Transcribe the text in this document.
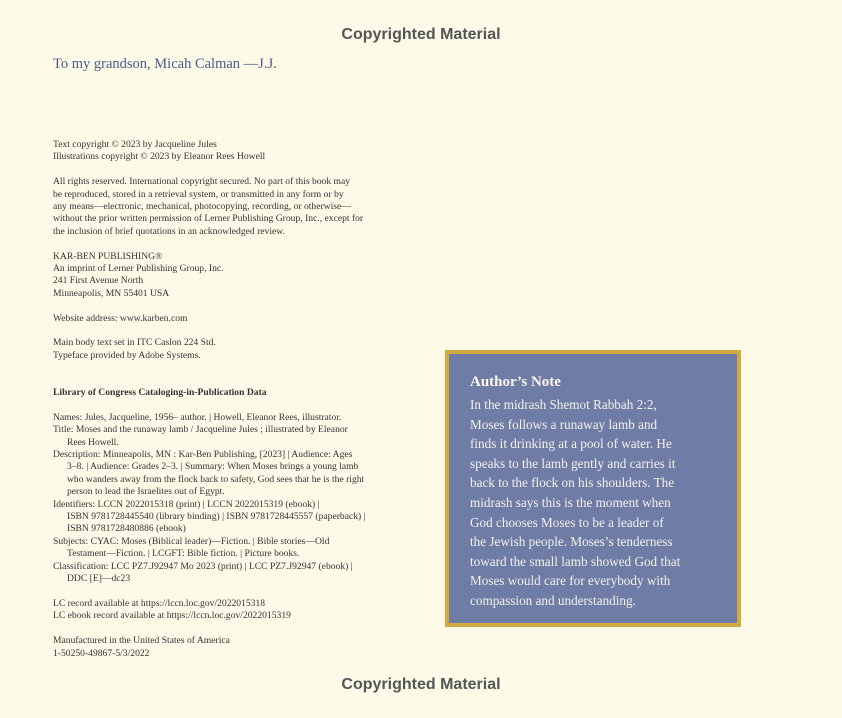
Copyrighted Material
To my grandson, Micah Calman —J.J.

Text copyright © 2023 by Jacqueline Jules

Illustrations copyright © 2023 by Eleanor Rees Howell

All rights reserved. International copyright secured. No part of this book may

be reproduced, stored in a retrieval system, or transmitted in any form or by

any means—electronic, mechanical, photocopying, recording, or otherwise—

without the prior written permission of Lerner Publishing Group, Inc., except for

the inclusion of brief quotations in an acknowledged review.

KAR-BEN PUBLISHING®

An imprint of Lerner Publishing Group, Inc.

241 First Avenue North

Minneapolis, MN 55401 USA

Website address: www.karben.com

Main body text set in ITC Caslon 224 Std.

Typeface provided by Adobe Systems.

Library of Congress Cataloging-in-Publication Data

Names: Jules, Jacqueline, 1956– author. | Howell, Eleanor Rees, illustrator.

Title: Moses and the runaway lamb / Jacqueline Jules ; illustrated by Eleanor

Rees Howell.

Description: Minneapolis, MN : Kar-Ben Publishing, [2023] | Audience: Ages

3–8. | Audience: Grades 2–3. | Summary: When Moses brings a young lamb

who wanders away from the flock back to safety, God sees that he is the right

person to lead the Israelites out of Egypt.

Identifiers: LCCN 2022015318 (print) | LCCN 2022015319 (ebook) |

ISBN 9781728445540 (library binding) | ISBN 9781728445557 (paperback) |

ISBN 9781728480886 (ebook)

Subjects: CYAC: Moses (Biblical leader)—Fiction. | Bible stories—Old

Testament—Fiction. | LCGFT: Bible fiction. | Picture books.

Classification: LCC PZ7.J92947 Mo 2023 (print) | LCC PZ7.J92947 (ebook) |

DDC [E]—dc23

LC record available at https://lccn.loc.gov/2022015318

LC ebook record available at https://lccn.loc.gov/2022015319

Manufactured in the United States of America

1-50250-49867-5/3/2022

Author’s Note

In the midrash Shemot Rabbah 2:2,

Moses follows a runaway lamb and

finds it drinking at a pool of water. He

speaks to the lamb gently and carries it

back to the flock on his shoulders. The

midrash says this is the moment when

God chooses Moses to be a leader of

the Jewish people. Moses’s tenderness

toward the small lamb showed God that

Moses would care for everybody with

compassion and understanding.

Copyrighted Material
